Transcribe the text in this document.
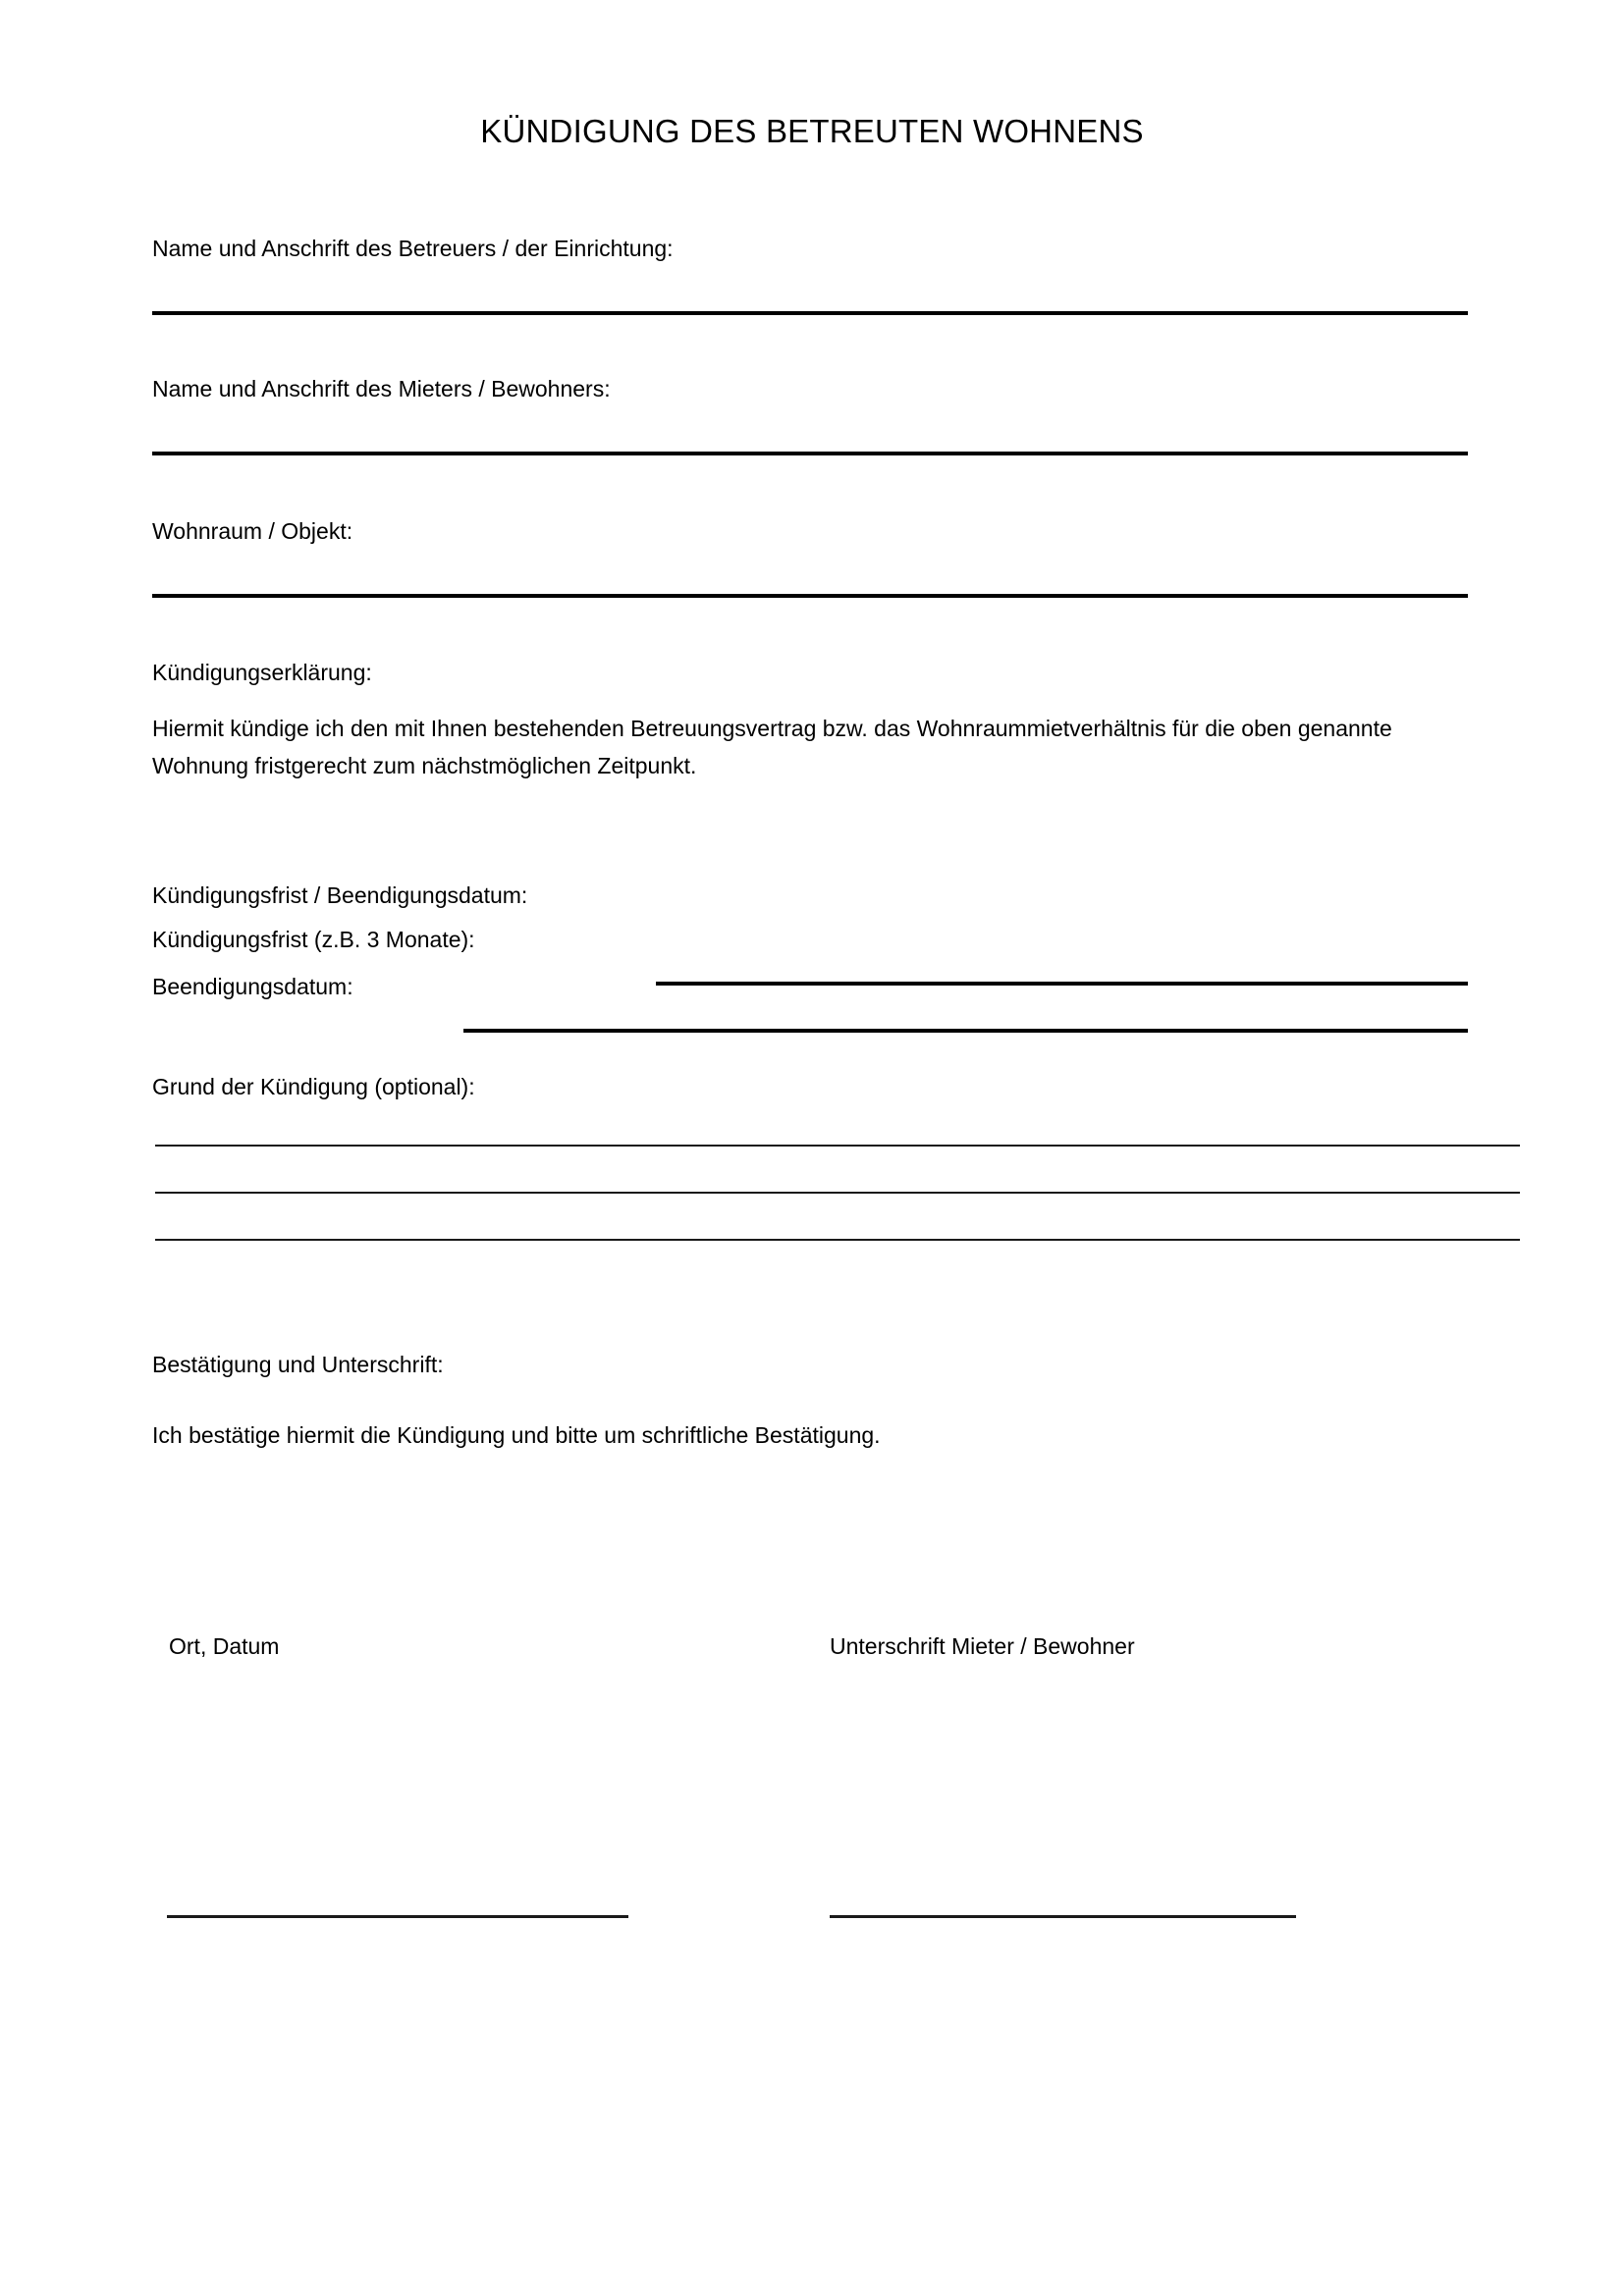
KÜNDIGUNG DES BETREUTEN WOHNENS
Name und Anschrift des Betreuers / der Einrichtung:
Name und Anschrift des Mieters / Bewohners:
Wohnraum / Objekt:
Kündigungserklärung:
Hiermit kündige ich den mit Ihnen bestehenden Betreuungsvertrag bzw. das Wohnraummietverhältnis für die oben genannte Wohnung fristgerecht zum nächstmöglichen Zeitpunkt.
Kündigungsfrist / Beendigungsdatum:
Kündigungsfrist (z.B. 3 Monate):
Beendigungsdatum:
Grund der Kündigung (optional):
Bestätigung und Unterschrift:
Ich bestätige hiermit die Kündigung und bitte um schriftliche Bestätigung.
Ort, Datum	Unterschrift Mieter / Bewohner
